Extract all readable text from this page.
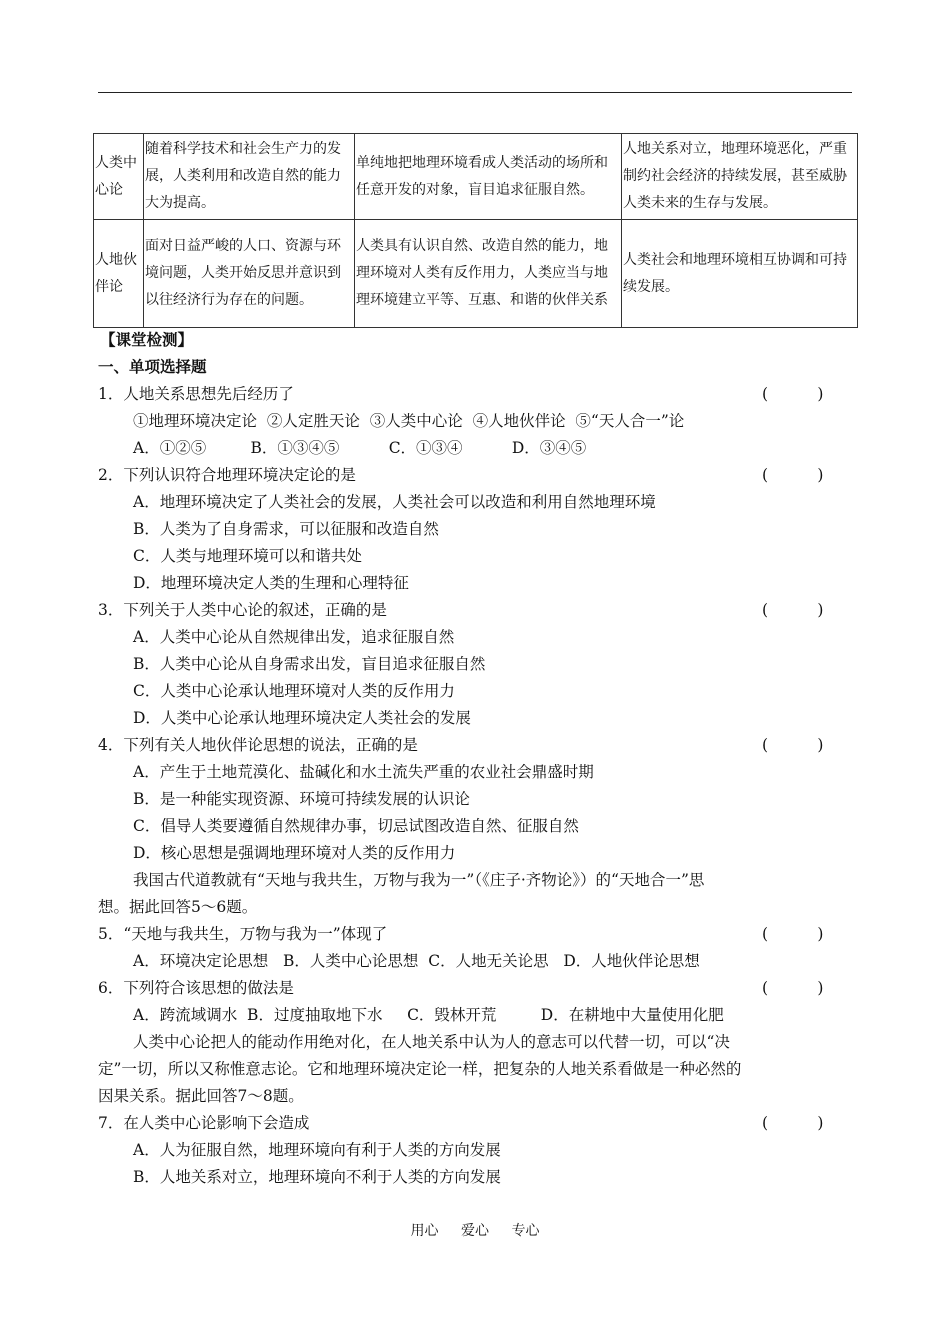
人类中心论	随着科学技术和社会生产力的发展，人类利用和改造自然的能力大为提高。	单纯地把地理环境看成人类活动的场所和任意开发的对象，盲目追求征服自然。	人地关系对立，地理环境恶化，严重制约社会经济的持续发展，甚至威胁人类未来的生存与发展。
人地伙伴论	面对日益严峻的人口、资源与环境问题，人类开始反思并意识到以往经济行为存在的问题。	人类具有认识自然、改造自然的能力，地理环境对人类有反作用力，人类应当与地理环境建立平等、互惠、和谐的伙伴关系	人类社会和地理环境相互协调和可持续发展。
【课堂检测】
一、单项选择题
1．人地关系思想先后经历了	(          )
①地理环境决定论  ②人定胜天论  ③人类中心论  ④人地伙伴论  ⑤“天人合一”论
A．①②⑤         B．①③④⑤          C．①③④          D．③④⑤
2．下列认识符合地理环境决定论的是	(          )
A．地理环境决定了人类社会的发展，人类社会可以改造和利用自然地理环境
B．人类为了自身需求，可以征服和改造自然
C．人类与地理环境可以和谐共处
D．地理环境决定人类的生理和心理特征
3．下列关于人类中心论的叙述，正确的是	(          )
A．人类中心论从自然规律出发，追求征服自然
B．人类中心论从自身需求出发，盲目追求征服自然
C．人类中心论承认地理环境对人类的反作用力
D．人类中心论承认地理环境决定人类社会的发展
4．下列有关人地伙伴论思想的说法，正确的是	(          )
A．产生于土地荒漠化、盐碱化和水土流失严重的农业社会鼎盛时期
B．是一种能实现资源、环境可持续发展的认识论
C．倡导人类要遵循自然规律办事，切忌试图改造自然、征服自然
D．核心思想是强调地理环境对人类的反作用力
我国古代道教就有“天地与我共生，万物与我为一”（《庄子·齐物论》）的“天地合一”思
想。据此回答5～6题。
5．“天地与我共生，万物与我为一”体现了	(          )
A．环境决定论思想   B．人类中心论思想  C．人地无关论思   D．人地伙伴论思想
6．下列符合该思想的做法是	(          )
A．跨流域调水  B．过度抽取地下水     C．毁林开荒         D．在耕地中大量使用化肥
人类中心论把人的能动作用绝对化，在人地关系中认为人的意志可以代替一切，可以“决
定”一切，所以又称惟意志论。它和地理环境决定论一样，把复杂的人地关系看做是一种必然的
因果关系。据此回答7～8题。
7．在人类中心论影响下会造成	(          )
A．人为征服自然，地理环境向有利于人类的方向发展
B．人地关系对立，地理环境向不利于人类的方向发展
用心 爱心 专心
